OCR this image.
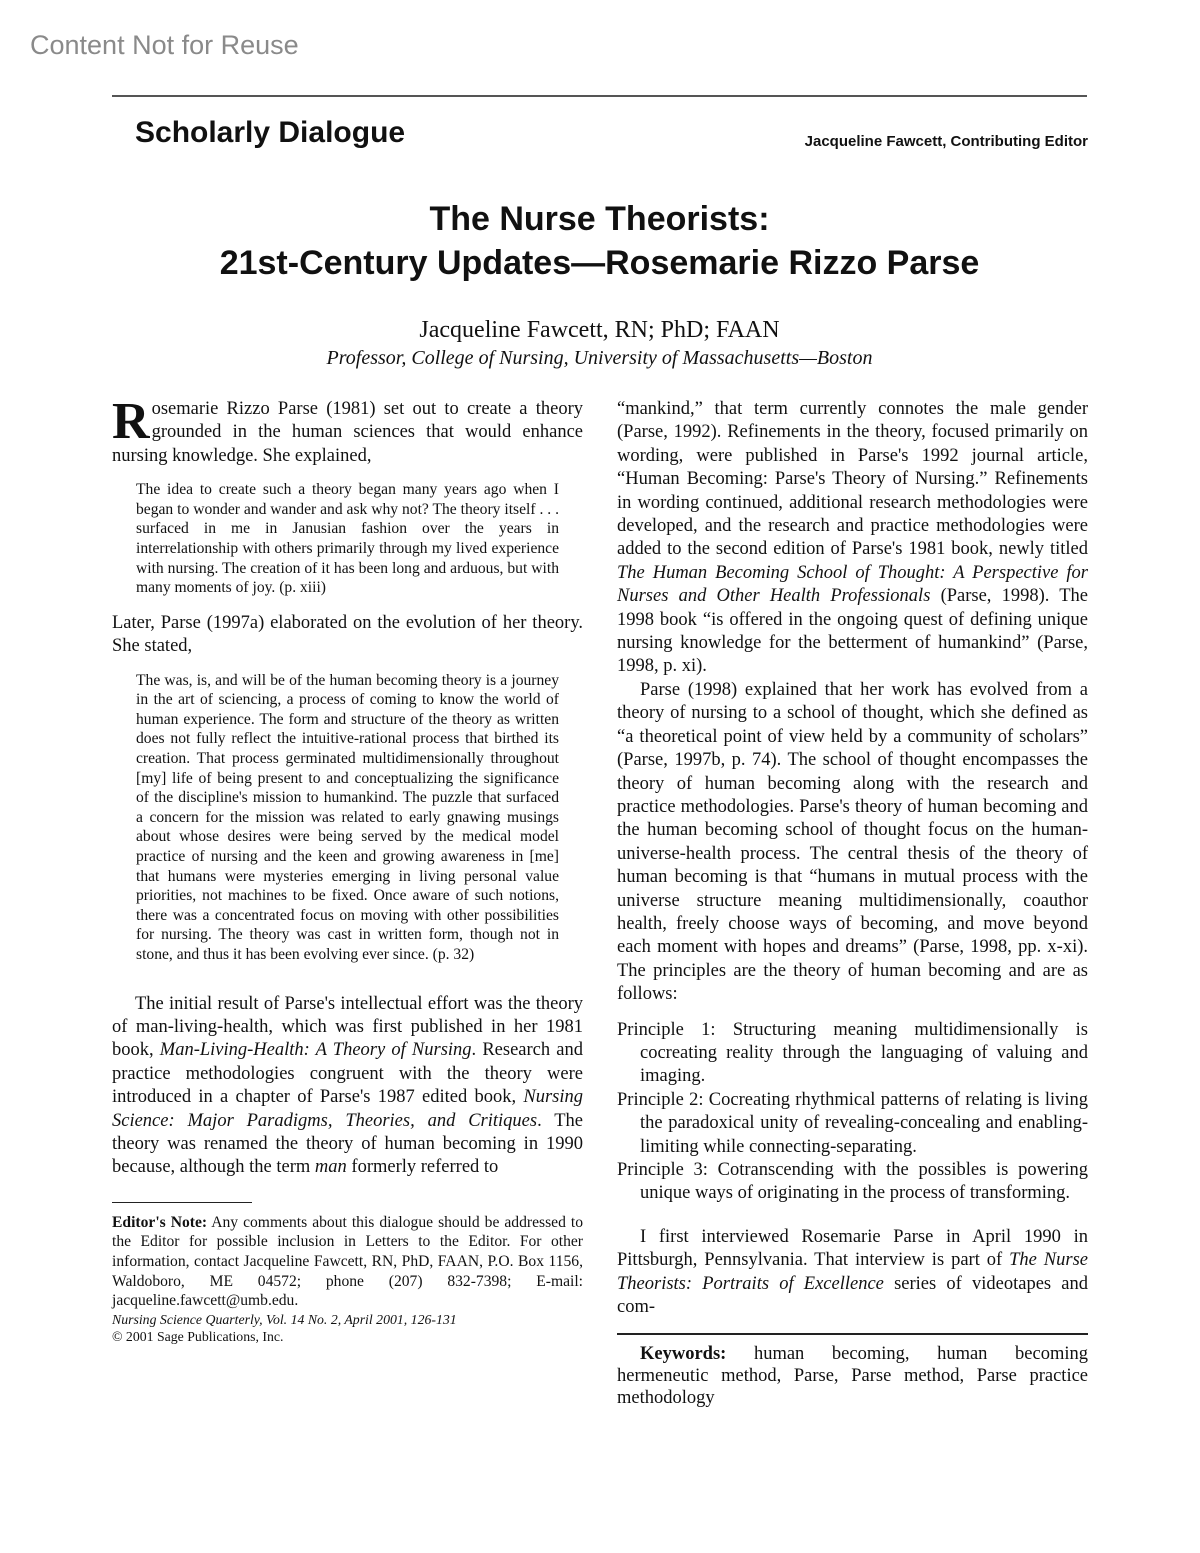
Content Not for Reuse
Scholarly Dialogue	Jacqueline Fawcett, Contributing Editor
The Nurse Theorists:
21st-Century Updates—Rosemarie Rizzo Parse
Jacqueline Fawcett, RN; PhD; FAAN
Professor, College of Nursing, University of Massachusetts—Boston

Rosemarie Rizzo Parse (1981) set out to create a theory grounded in the human sciences that would enhance nursing knowledge. She explained,

The idea to create such a theory began many years ago when I began to wonder and wander and ask why not? The theory itself . . . surfaced in me in Janusian fashion over the years in interrelationship with others primarily through my lived experience with nursing. The creation of it has been long and arduous, but with many moments of joy. (p. xiii)

Later, Parse (1997a) elaborated on the evolution of her theory. She stated,

The was, is, and will be of the human becoming theory is a journey in the art of sciencing, a process of coming to know the world of human experience. The form and structure of the theory as written does not fully reflect the intuitive-rational process that birthed its creation. That process germinated multidimensionally throughout [my] life of being present to and conceptualizing the significance of the discipline's mission to humankind. The puzzle that surfaced a concern for the mission was related to early gnawing musings about whose desires were being served by the medical model practice of nursing and the keen and growing awareness in [me] that humans were mysteries emerging in living personal value priorities, not machines to be fixed. Once aware of such notions, there was a concentrated focus on moving with other possibilities for nursing. The theory was cast in written form, though not in stone, and thus it has been evolving ever since. (p. 32)

The initial result of Parse's intellectual effort was the theory of man-living-health, which was first published in her 1981 book, Man-Living-Health: A Theory of Nursing. Research and practice methodologies congruent with the theory were introduced in a chapter of Parse's 1987 edited book, Nursing Science: Major Paradigms, Theories, and Critiques. The theory was renamed the theory of human becoming in 1990 because, although the term man formerly referred to

Editor's Note: Any comments about this dialogue should be addressed to the Editor for possible inclusion in Letters to the Editor. For other information, contact Jacqueline Fawcett, RN, PhD, FAAN, P.O. Box 1156, Waldoboro, ME 04572; phone (207) 832-7398; E-mail: jacqueline.fawcett@umb.edu.

Nursing Science Quarterly, Vol. 14 No. 2, April 2001, 126-131
© 2001 Sage Publications, Inc.

“mankind,” that term currently connotes the male gender (Parse, 1992). Refinements in the theory, focused primarily on wording, were published in Parse's 1992 journal article, “Human Becoming: Parse's Theory of Nursing.” Refinements in wording continued, additional research methodologies were developed, and the research and practice methodologies were added to the second edition of Parse's 1981 book, newly titled The Human Becoming School of Thought: A Perspective for Nurses and Other Health Professionals (Parse, 1998). The 1998 book “is offered in the ongoing quest of defining unique nursing knowledge for the betterment of humankind” (Parse, 1998, p. xi).

Parse (1998) explained that her work has evolved from a theory of nursing to a school of thought, which she defined as “a theoretical point of view held by a community of scholars” (Parse, 1997b, p. 74). The school of thought encompasses the theory of human becoming along with the research and practice methodologies. Parse's theory of human becoming and the human becoming school of thought focus on the human-universe-health process. The central thesis of the theory of human becoming is that “humans in mutual process with the universe structure meaning multidimensionally, coauthor health, freely choose ways of becoming, and move beyond each moment with hopes and dreams” (Parse, 1998, pp. x-xi). The principles are the theory of human becoming and are as follows:

Principle 1: Structuring meaning multidimensionally is cocreating reality through the languaging of valuing and imaging.

Principle 2: Cocreating rhythmical patterns of relating is living the paradoxical unity of revealing-concealing and enabling-limiting while connecting-separating.

Principle 3: Cotranscending with the possibles is powering unique ways of originating in the process of transforming.

I first interviewed Rosemarie Parse in April 1990 in Pittsburgh, Pennsylvania. That interview is part of The Nurse Theorists: Portraits of Excellence series of videotapes and com-

Keywords: human becoming, human becoming hermeneutic method, Parse, Parse method, Parse practice methodology
